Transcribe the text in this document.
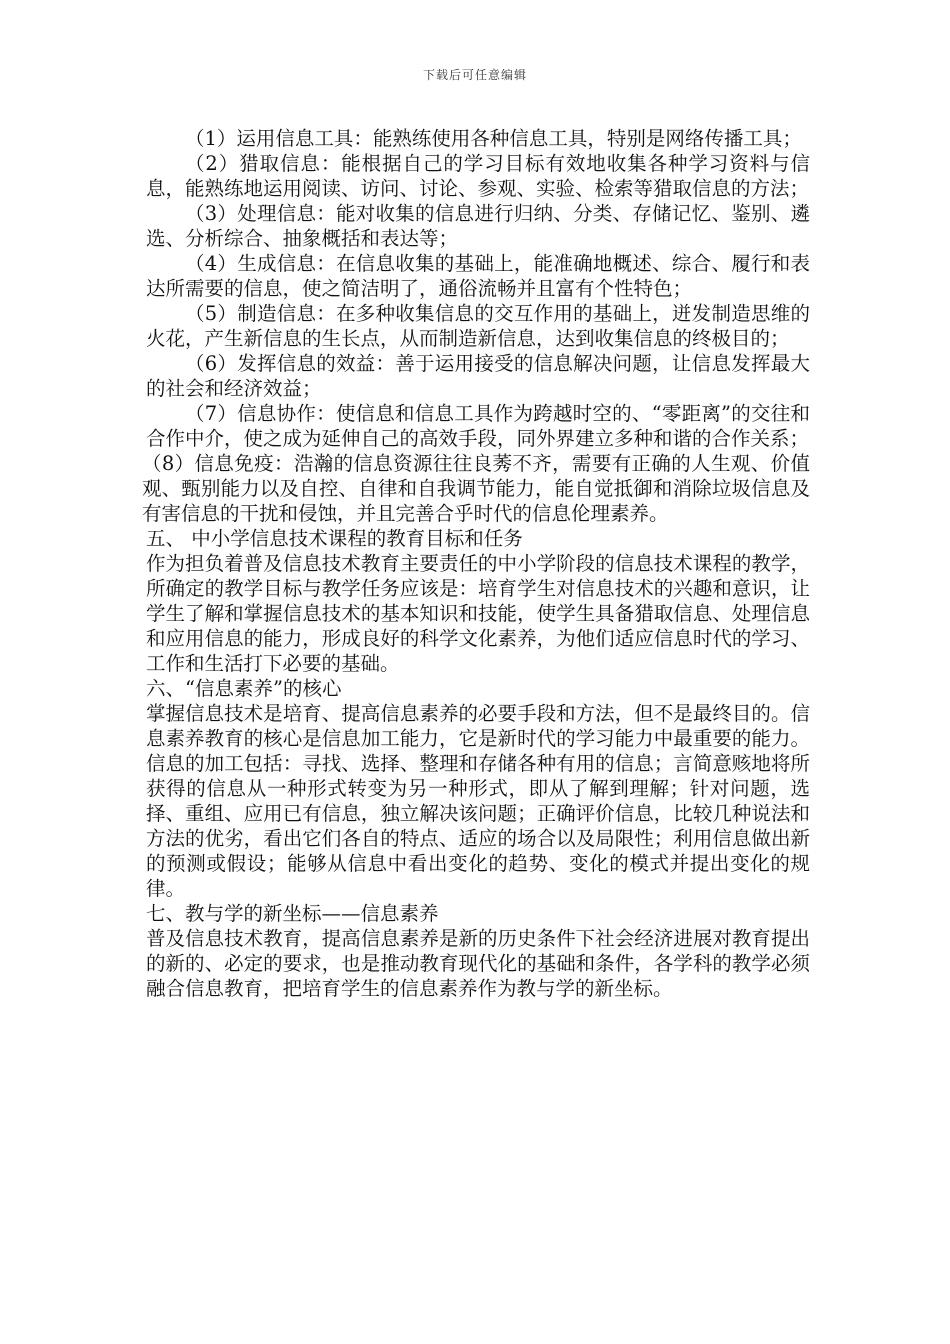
下载后可任意编辑

（1）运用信息工具：能熟练使用各种信息工具，特别是网络传播工具；

（2）猎取信息：能根据自己的学习目标有效地收集各种学习资料与信息，能熟练地运用阅读、访问、讨论、参观、实验、检索等猎取信息的方法；

（3）处理信息：能对收集的信息进行归纳、分类、存储记忆、鉴别、遴选、分析综合、抽象概括和表达等；

（4）生成信息：在信息收集的基础上，能准确地概述、综合、履行和表达所需要的信息，使之简洁明了，通俗流畅并且富有个性特色；

（5）制造信息：在多种收集信息的交互作用的基础上，迸发制造思维的火花，产生新信息的生长点，从而制造新信息，达到收集信息的终极目的；

（6）发挥信息的效益：善于运用接受的信息解决问题，让信息发挥最大的社会和经济效益；

（7）信息协作：使信息和信息工具作为跨越时空的、“零距离”的交往和合作中介，使之成为延伸自己的高效手段，同外界建立多种和谐的合作关系；

（8）信息免疫：浩瀚的信息资源往往良莠不齐，需要有正确的人生观、价值观、甄别能力以及自控、自律和自我调节能力，能自觉抵御和消除垃圾信息及有害信息的干扰和侵蚀，并且完善合乎时代的信息伦理素养。

五、 中小学信息技术课程的教育目标和任务

作为担负着普及信息技术教育主要责任的中小学阶段的信息技术课程的教学，所确定的教学目标与教学任务应该是：培育学生对信息技术的兴趣和意识，让学生了解和掌握信息技术的基本知识和技能，使学生具备猎取信息、处理信息和应用信息的能力，形成良好的科学文化素养，为他们适应信息时代的学习、工作和生活打下必要的基础。

六、“信息素养”的核心

掌握信息技术是培育、提高信息素养的必要手段和方法，但不是最终目的。信息素养教育的核心是信息加工能力，它是新时代的学习能力中最重要的能力。信息的加工包括：寻找、选择、整理和存储各种有用的信息；言简意赅地将所获得的信息从一种形式转变为另一种形式，即从了解到理解；针对问题，选择、重组、应用已有信息，独立解决该问题；正确评价信息，比较几种说法和方法的优劣，看出它们各自的特点、适应的场合以及局限性；利用信息做出新的预测或假设；能够从信息中看出变化的趋势、变化的模式并提出变化的规律。

七、教与学的新坐标——信息素养

普及信息技术教育，提高信息素养是新的历史条件下社会经济进展对教育提出的新的、必定的要求，也是推动教育现代化的基础和条件，各学科的教学必须融合信息教育，把培育学生的信息素养作为教与学的新坐标。
